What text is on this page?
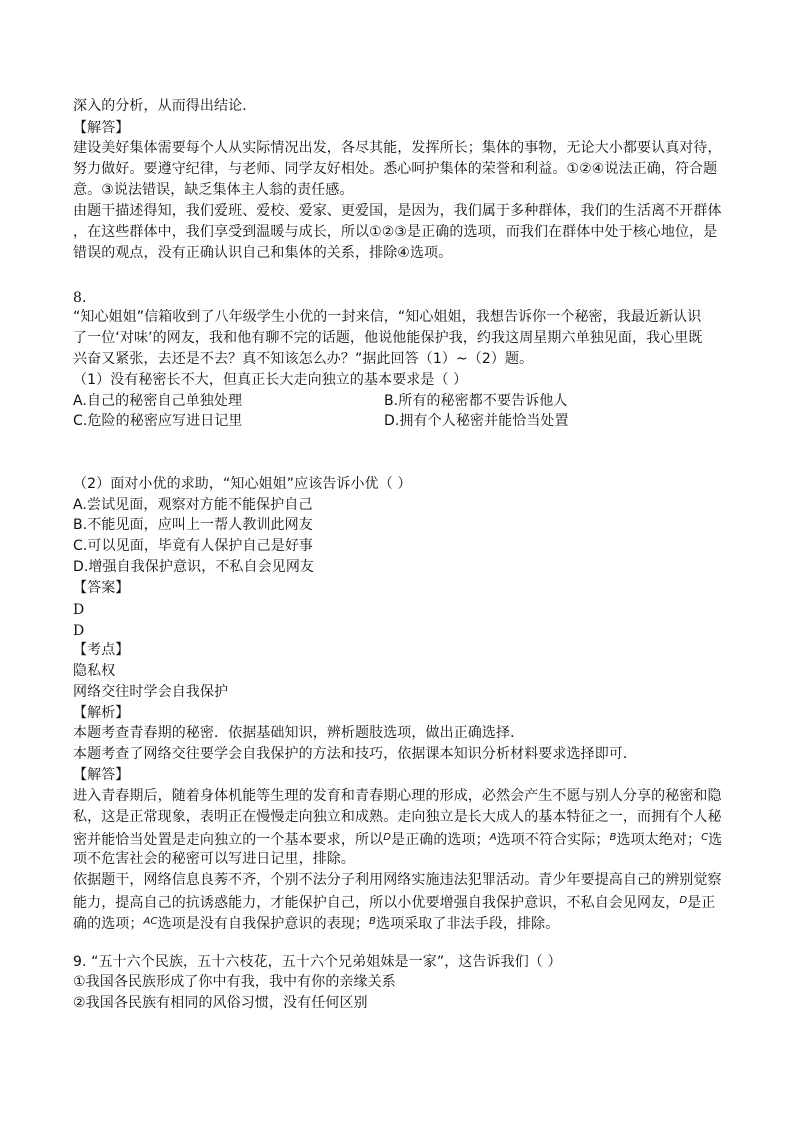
深入的分析，从而得出结论．
【解答】
建设美好集体需要每个人从实际情况出发，各尽其能，发挥所长；集体的事物，无论大小都要认真对待，
努力做好。要遵守纪律，与老师、同学友好相处。悉心呵护集体的荣誉和利益。①②④说法正确，符合题
意。③说法错误，缺乏集体主人翁的责任感。
由题干描述得知，我们爱班、爱校、爱家、更爱国，是因为，我们属于多种群体，我们的生活离不开群体
，在这些群体中，我们享受到温暖与成长，所以①②③是正确的选项，而我们在群体中处于核心地位，是
错误的观点，没有正确认识自己和集体的关系，排除④选项。
8.
“知心姐姐”信箱收到了八年级学生小优的一封来信，“知心姐姐，我想告诉你一个秘密，我最近新认识
了一位‘对味’的网友，我和他有聊不完的话题，他说他能保护我，约我这周星期六单独见面，我心里既
兴奋又紧张，去还是不去？真不知该怎么办？”据此回答（1）~（2）题。
（1）没有秘密长不大，但真正长大走向独立的基本要求是（ ）
A.自己的秘密自己单独处理	B.所有的秘密都不要告诉他人
C.危险的秘密应写进日记里	D.拥有个人秘密并能恰当处置
（2）面对小优的求助，“知心姐姐”应该告诉小优（ ）
A.尝试见面，观察对方能不能保护自己
B.不能见面，应叫上一帮人教训此网友
C.可以见面，毕竟有人保护自己是好事
D.增强自我保护意识，不私自会见网友
【答案】
D
D
【考点】
隐私权
网络交往时学会自我保护
【解析】
本题考查青春期的秘密．依据基础知识，辨析题肢选项，做出正确选择．
本题考查了网络交往要学会自我保护的方法和技巧，依据课本知识分析材料要求选择即可．
【解答】
进入青春期后，随着身体机能等生理的发育和青春期心理的形成，必然会产生不愿与别人分享的秘密和隐
私，这是正常现象，表明正在慢慢走向独立和成熟。走向独立是长大成人的基本特征之一，而拥有个人秘
密并能恰当处置是走向独立的一个基本要求，所以$^D$是正确的选项；$^A$选项不符合实际；$^B$选项太绝对；$^C$选
项不危害社会的秘密可以写进日记里，排除。
依据题干，网络信息良莠不齐，个别不法分子利用网络实施违法犯罪活动。青少年要提高自己的辨别觉察
能力，提高自己的抗诱惑能力，才能保护自己，所以小优要增强自我保护意识，不私自会见网友，$^D$是正
确的选项；$^{AC}$选项是没有自我保护意识的表现；$^B$选项采取了非法手段，排除。
9. “五十六个民族，五十六枝花，五十六个兄弟姐妹是一家”，这告诉我们（ ）
①我国各民族形成了你中有我，我中有你的亲缘关系
②我国各民族有相同的风俗习惯，没有任何区别
